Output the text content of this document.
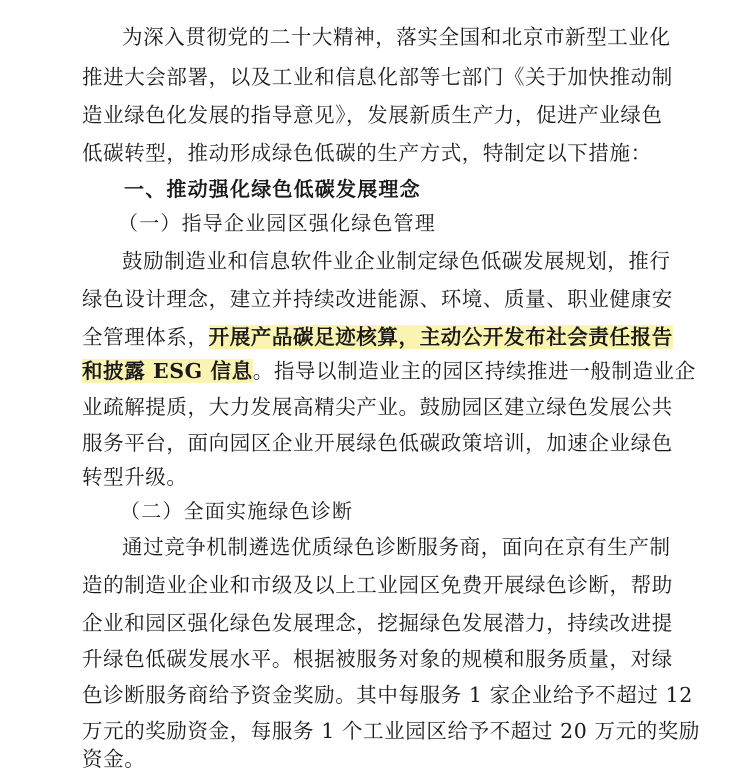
为深入贯彻党的二十大精神，落实全国和北京市新型工业化
推进大会部署，以及工业和信息化部等七部门《关于加快推动制
造业绿色化发展的指导意见》，发展新质生产力，促进产业绿色
低碳转型，推动形成绿色低碳的生产方式，特制定以下措施：
一、推动强化绿色低碳发展理念
（一）指导企业园区强化绿色管理
鼓励制造业和信息软件业企业制定绿色低碳发展规划，推行
绿色设计理念，建立并持续改进能源、环境、质量、职业健康安
全管理体系，开展产品碳足迹核算，主动公开发布社会责任报告
和披露 ESG 信息。指导以制造业主的园区持续推进一般制造业企
业疏解提质，大力发展高精尖产业。鼓励园区建立绿色发展公共
服务平台，面向园区企业开展绿色低碳政策培训，加速企业绿色
转型升级。
（二）全面实施绿色诊断
通过竞争机制遴选优质绿色诊断服务商，面向在京有生产制
造的制造业企业和市级及以上工业园区免费开展绿色诊断，帮助
企业和园区强化绿色发展理念，挖掘绿色发展潜力，持续改进提
升绿色低碳发展水平。根据被服务对象的规模和服务质量，对绿
色诊断服务商给予资金奖励。其中每服务 1 家企业给予不超过 12
万元的奖励资金，每服务 1 个工业园区给予不超过 20 万元的奖励
资金。
